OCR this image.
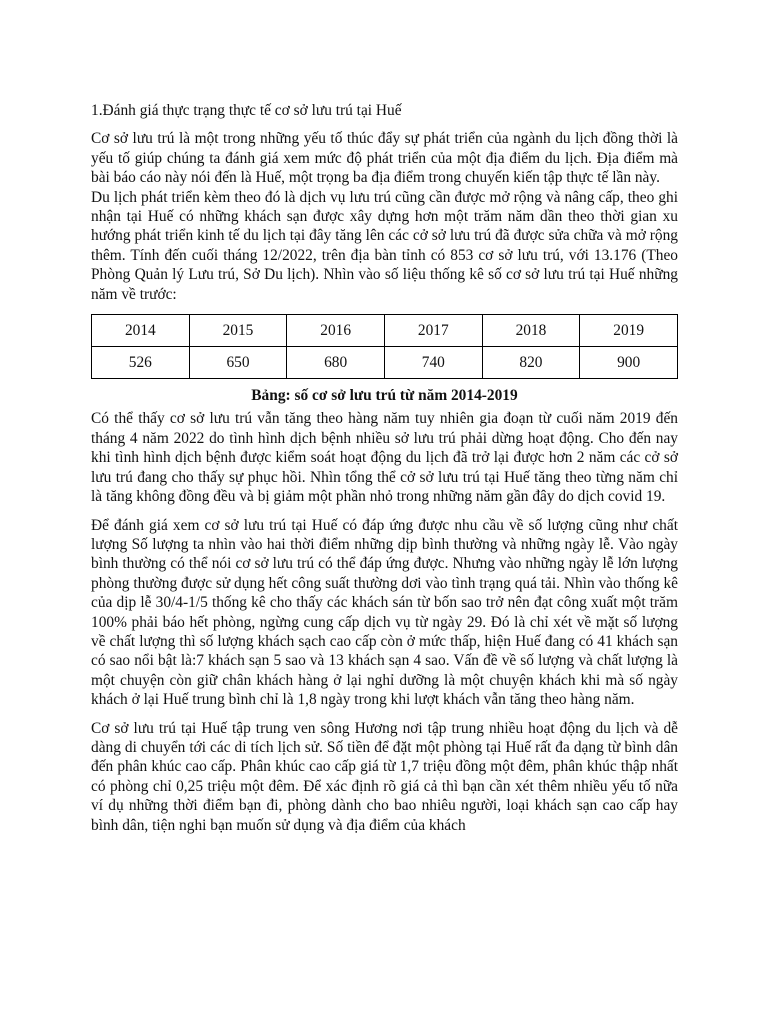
1.Đánh giá thực trạng thực tế cơ sở lưu trú tại Huế

Cơ sở lưu trú là một trong những yếu tố thúc đẩy sự phát triển của ngành du lịch đồng thời là yếu tố giúp chúng ta đánh giá xem mức độ phát triển của một địa điểm du lịch. Địa điểm mà bài báo cáo này nói đến là Huế, một trọng ba địa điểm trong chuyến kiến tập thực tế lần này.

Du lịch phát triển kèm theo đó là dịch vụ lưu trú cũng cần được mở rộng và nâng cấp, theo ghi nhận tại Huế có những khách sạn được xây dựng hơn một trăm năm dần theo thời gian xu hướng phát triển kinh tế du lịch tại đây tăng lên các cở sở lưu trú đã được sửa chữa và mở rộng thêm. Tính đến cuối tháng 12/2022, trên địa bàn tỉnh có 853 cơ sở lưu trú, với 13.176 (Theo Phòng Quản lý Lưu trú, Sở Du lịch). Nhìn vào số liệu thống kê số cơ sở lưu trú tại Huế những năm về trước:

2014	2015	2016	2017	2018	2019
526	650	680	740	820	900
Bảng: số cơ sở lưu trú từ năm 2014-2019

Có thể thấy cơ sở lưu trú vẫn tăng theo hàng năm tuy nhiên gia đoạn từ cuối năm 2019 đến tháng 4 năm 2022 do tình hình dịch bệnh nhiều sở lưu trú phải dừng hoạt động. Cho đến nay khi tình hình dịch bệnh được kiểm soát hoạt động du lịch đã trở lại được hơn 2 năm các cở sở lưu trú đang cho thấy sự phục hồi. Nhìn tổng thể cở sở lưu trú tại Huế tăng theo từng năm chỉ là tăng không đồng đều và bị giảm một phần nhỏ trong những năm gần đây do dịch covid 19.

Để đánh giá xem cơ sở lưu trú tại Huế có đáp ứng được nhu cầu về số lượng cũng như chất lượng Số lượng ta nhìn vào hai thời điểm những dịp bình thường và những ngày lễ. Vào ngày bình thường có thể nói cơ sở lưu trú có thể đáp ứng được. Nhưng vào những ngày lễ lớn lượng phòng thường được sử dụng hết công suất thường dơi vào tình trạng quá tải. Nhìn vào thống kê của dịp lễ 30/4-1/5 thống kê cho thấy các khách sán từ bốn sao trở nên đạt công xuất một trăm 100% phải báo hết phòng, ngừng cung cấp dịch vụ từ ngày 29. Đó là chỉ xét về mặt số lượng về chất lượng thì số lượng khách sạch cao cấp còn ở mức thấp, hiện Huế đang có 41 khách sạn có sao nổi bật là:7 khách sạn 5 sao và 13 khách sạn 4 sao. Vấn đề về số lượng và chất lượng là một chuyện còn giữ chân khách hàng ở lại nghỉ dưỡng là một chuyện khách khi mà số ngày khách ở lại Huế trung bình chỉ là 1,8 ngày trong khi lượt khách vẫn tăng theo hàng năm.

Cơ sở lưu trú tại Huế tập trung ven sông Hương nơi tập trung nhiều hoạt động du lịch và dễ dàng di chuyển tới các di tích lịch sử. Số tiền để đặt một phòng tại Huế rất đa dạng từ bình dân đến phân khúc cao cấp. Phân khúc cao cấp giá từ 1,7 triệu đồng một đêm, phân khúc thập nhất có phòng chỉ 0,25 triệu một đêm. Để xác định rõ giá cả thì bạn cần xét thêm nhiều yếu tố nữa ví dụ những thời điểm bạn đi, phòng dành cho bao nhiêu người, loại khách sạn cao cấp hay bình dân, tiện nghi bạn muốn sử dụng và địa điểm của khách
